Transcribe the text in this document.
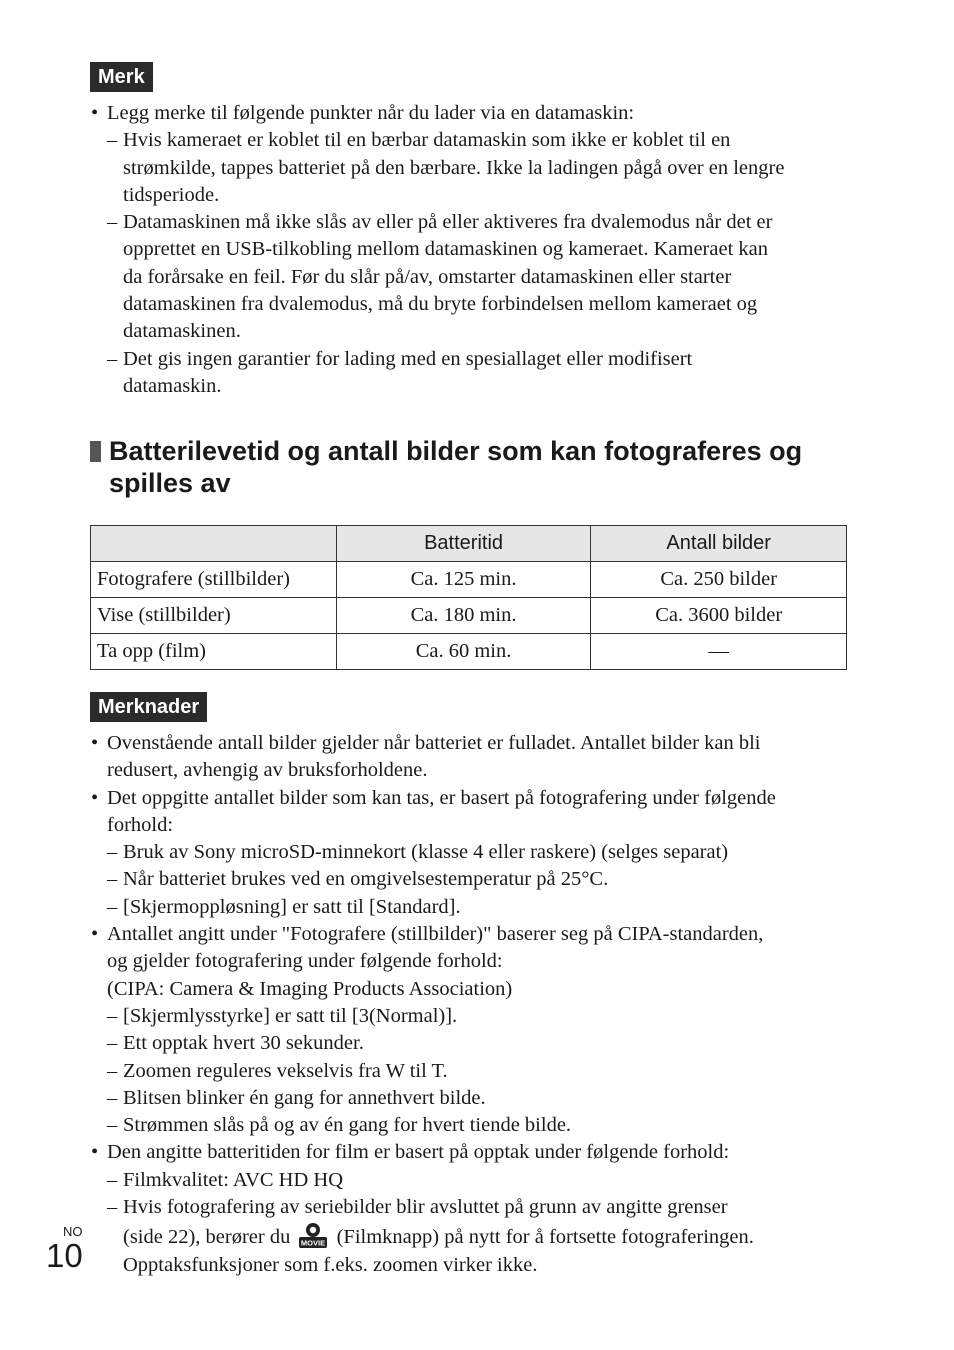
Merk
• Legg merke til følgende punkter når du lader via en datamaskin:
– Hvis kameraet er koblet til en bærbar datamaskin som ikke er koblet til en
strømkilde, tappes batteriet på den bærbare. Ikke la ladingen pågå over en lengre
tidsperiode.
– Datamaskinen må ikke slås av eller på eller aktiveres fra dvalemodus når det er
opprettet en USB-tilkobling mellom datamaskinen og kameraet. Kameraet kan
da forårsake en feil. Før du slår på/av, omstarter datamaskinen eller starter
datamaskinen fra dvalemodus, må du bryte forbindelsen mellom kameraet og
datamaskinen.
– Det gis ingen garantier for lading med en spesiallaget eller modifisert
datamaskin.
Batterilevetid og antall bilder som kan fotograferes og
spilles av
	Batteritid	Antall bilder
Fotografere (stillbilder)	Ca. 125 min.	Ca. 250 bilder
Vise (stillbilder)	Ca. 180 min.	Ca. 3600 bilder
Ta opp (film)	Ca. 60 min.	—
Merknader
• Ovenstående antall bilder gjelder når batteriet er fulladet. Antallet bilder kan bli
redusert, avhengig av bruksforholdene.
• Det oppgitte antallet bilder som kan tas, er basert på fotografering under følgende
forhold:
– Bruk av Sony microSD-minnekort (klasse 4 eller raskere) (selges separat)
– Når batteriet brukes ved en omgivelsestemperatur på 25°C.
– [Skjermoppløsning] er satt til [Standard].
• Antallet angitt under "Fotografere (stillbilder)" baserer seg på CIPA-standarden,
og gjelder fotografering under følgende forhold:
(CIPA: Camera & Imaging Products Association)
– [Skjermlysstyrke] er satt til [3(Normal)].
– Ett opptak hvert 30 sekunder.
– Zoomen reguleres vekselvis fra W til T.
– Blitsen blinker én gang for annethvert bilde.
– Strømmen slås på og av én gang for hvert tiende bilde.
• Den angitte batteritiden for film er basert på opptak under følgende forhold:
– Filmkvalitet: AVC HD HQ
– Hvis fotografering av seriebilder blir avsluttet på grunn av angitte grenser
(side 22), berører du MOVIE (Filmknapp) på nytt for å fortsette fotograferingen.
Opptaksfunksjoner som f.eks. zoomen virker ikke.
NO
10
